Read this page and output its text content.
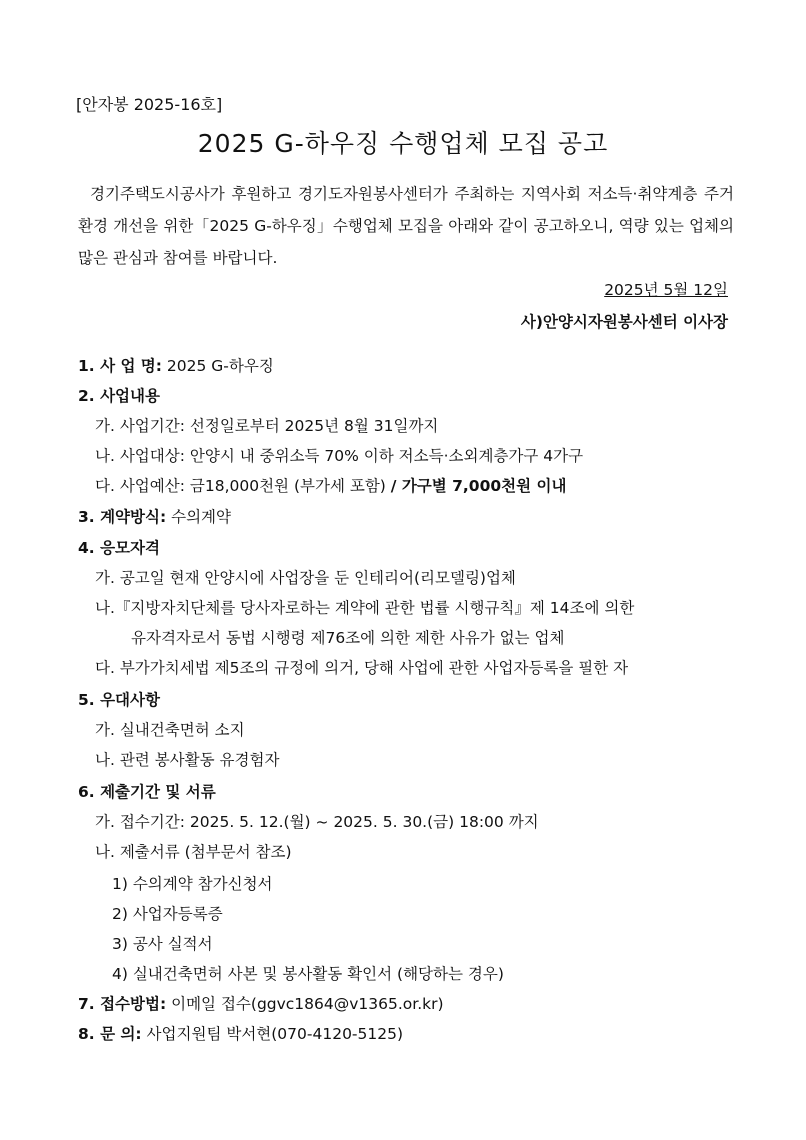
[안자봉 2025-16호]
2025 G-하우징 수행업체 모집 공고
경기주택도시공사가 후원하고 경기도자원봉사센터가 주최하는 지역사회 저소득·취약계층 주거환경 개선을 위한「2025 G-하우징」수행업체 모집을 아래와 같이 공고하오니, 역량 있는 업체의 많은 관심과 참여를 바랍니다.
2025년 5월 12일
사)안양시자원봉사센터 이사장
1. 사 업 명: 2025 G-하우징
2. 사업내용
가. 사업기간: 선정일로부터 2025년 8월 31일까지
나. 사업대상: 안양시 내 중위소득 70% 이하 저소득·소외계층가구 4가구
다. 사업예산: 금18,000천원 (부가세 포함) / 가구별 7,000천원 이내
3. 계약방식: 수의계약
4. 응모자격
가. 공고일 현재 안양시에 사업장을 둔 인테리어(리모델링)업체
나.『지방자치단체를 당사자로하는 계약에 관한 법률 시행규칙』제 14조에 의한
유자격자로서 동법 시행령 제76조에 의한 제한 사유가 없는 업체
다. 부가가치세법 제5조의 규정에 의거, 당해 사업에 관한 사업자등록을 필한 자
5. 우대사항
가. 실내건축면허 소지
나. 관련 봉사활동 유경험자
6. 제출기간 및 서류
가. 접수기간: 2025. 5. 12.(월) ~ 2025. 5. 30.(금) 18:00 까지
나. 제출서류 (첨부문서 참조)
1) 수의계약 참가신청서
2) 사업자등록증
3) 공사 실적서
4) 실내건축면허 사본 및 봉사활동 확인서 (해당하는 경우)
7. 접수방법: 이메일 접수(ggvc1864@v1365.or.kr)
8. 문 의: 사업지원팀 박서현(070-4120-5125)
